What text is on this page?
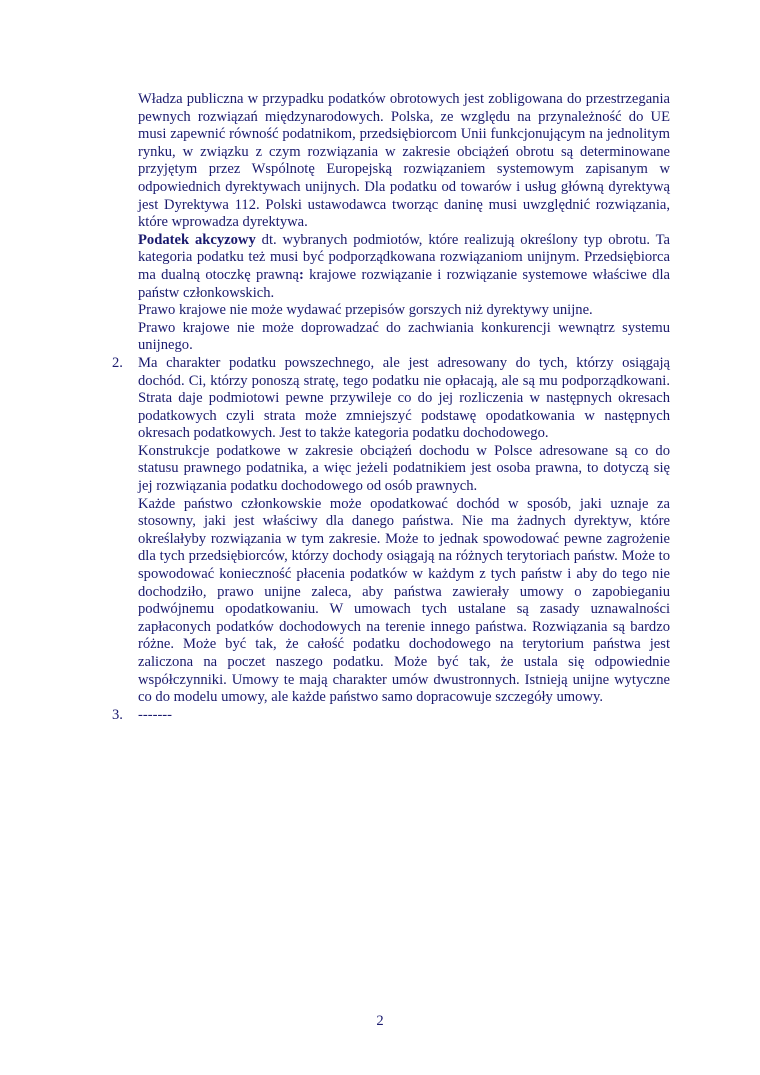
Władza publiczna w przypadku podatków obrotowych jest zobligowana do przestrzegania pewnych rozwiązań międzynarodowych. Polska, ze względu na przynależność do UE musi zapewnić równość podatnikom, przedsiębiorcom Unii funkcjonującym na jednolitym rynku, w związku z czym rozwiązania w zakresie obciążeń obrotu są determinowane przyjętym przez Wspólnotę Europejską rozwiązaniem systemowym zapisanym w odpowiednich dyrektywach unijnych. Dla podatku od towarów i usług główną dyrektywą jest Dyrektywa 112. Polski ustawodawca tworząc daninę musi uwzględnić rozwiązania, które wprowadza dyrektywa.

Podatek akcyzowy dt. wybranych podmiotów, które realizują określony typ obrotu. Ta kategoria podatku też musi być podporządkowana rozwiązaniom unijnym. Przedsiębiorca ma dualną otoczkę prawną: krajowe rozwiązanie i rozwiązanie systemowe właściwe dla państw członkowskich.

Prawo krajowe nie może wydawać przepisów gorszych niż dyrektywy unijne.

Prawo krajowe nie może doprowadzać do zachwiania konkurencji wewnątrz systemu unijnego.

2. Ma charakter podatku powszechnego, ale jest adresowany do tych, którzy osiągają dochód. Ci, którzy ponoszą stratę, tego podatku nie opłacają, ale są mu podporządkowani. Strata daje podmiotowi pewne przywileje co do jej rozliczenia w następnych okresach podatkowych czyli strata może zmniejszyć podstawę opodatkowania w następnych okresach podatkowych. Jest to także kategoria podatku dochodowego.

Konstrukcje podatkowe w zakresie obciążeń dochodu w Polsce adresowane są co do statusu prawnego podatnika, a więc jeżeli podatnikiem jest osoba prawna, to dotyczą się jej rozwiązania podatku dochodowego od osób prawnych.

Każde państwo członkowskie może opodatkować dochód w sposób, jaki uznaje za stosowny, jaki jest właściwy dla danego państwa. Nie ma żadnych dyrektyw, które określałyby rozwiązania w tym zakresie. Może to jednak spowodować pewne zagrożenie dla tych przedsiębiorców, którzy dochody osiągają na różnych terytoriach państw. Może to spowodować konieczność płacenia podatków w każdym z tych państw i aby do tego nie dochodziło, prawo unijne zaleca, aby państwa zawierały umowy o zapobieganiu podwójnemu opodatkowaniu. W umowach tych ustalane są zasady uznawalności zapłaconych podatków dochodowych na terenie innego państwa. Rozwiązania są bardzo różne. Może być tak, że całość podatku dochodowego na terytorium państwa jest zaliczona na poczet naszego podatku. Może być tak, że ustala się odpowiednie współczynniki. Umowy te mają charakter umów dwustronnych. Istnieją unijne wytyczne co do modelu umowy, ale każde państwo samo dopracowuje szczegóły umowy.

3. -------

2
